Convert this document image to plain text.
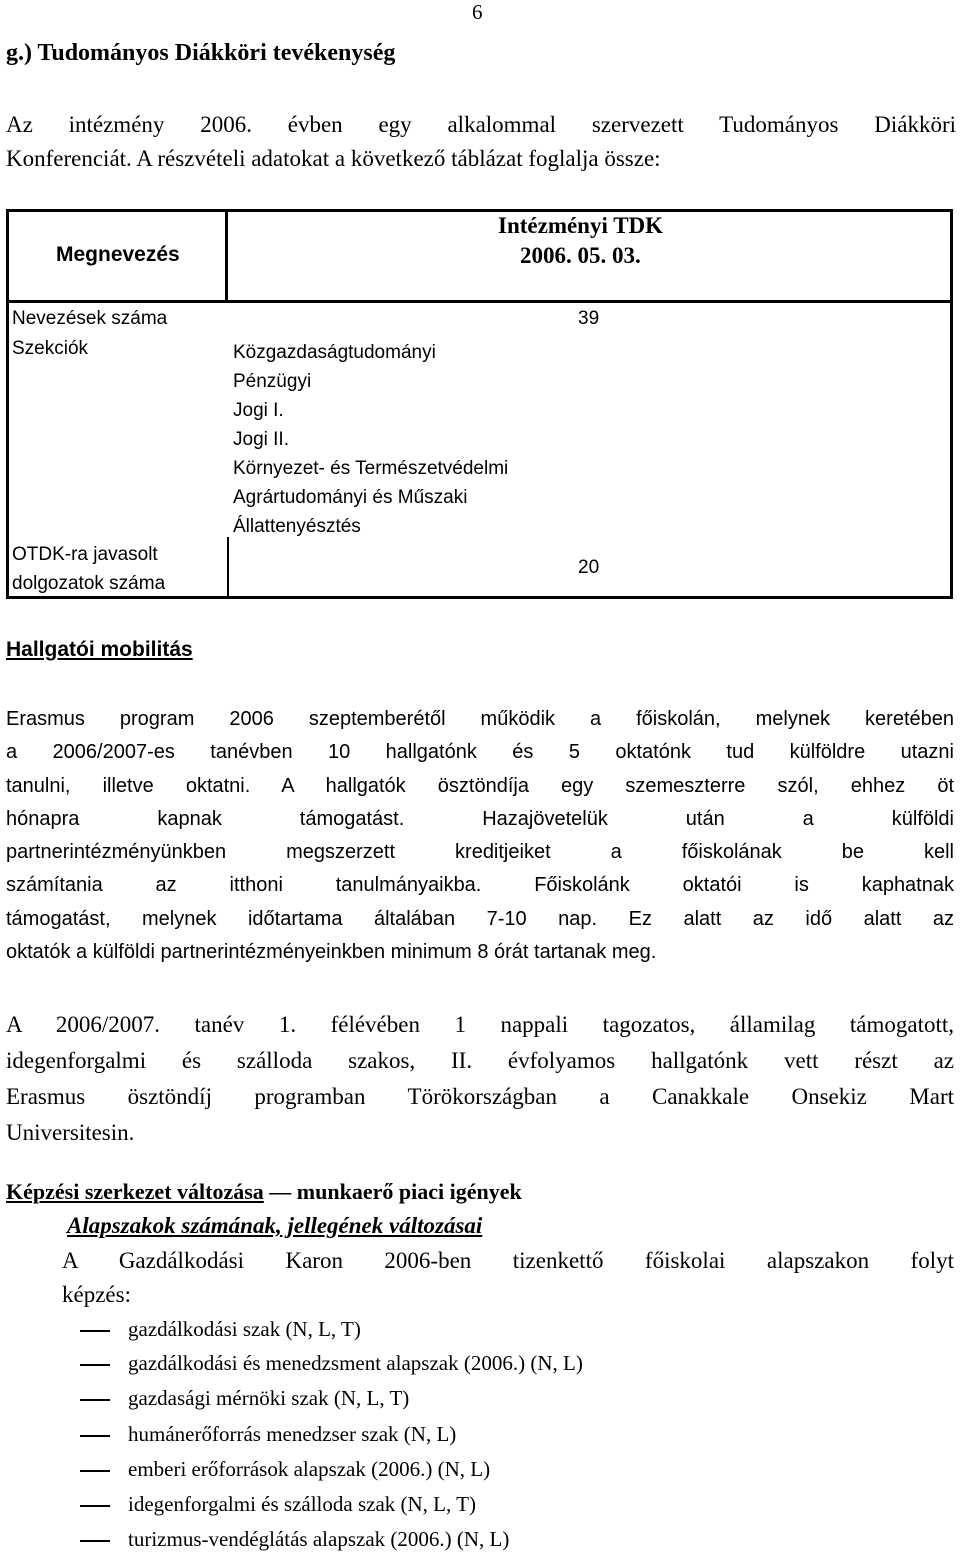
6
g.) Tudományos Diákköri tevékenység
Az intézmény 2006. évben egy alkalommal szervezett Tudományos Diákköri
Konferenciát. A részvételi adatokat a következő táblázat foglalja össze:
Megnevezés
Intézményi TDK
2006. 05. 03.
Nevezések száma	39
Szekciók	Közgazdaságtudományi
Pénzügyi
Jogi I.
Jogi II.
Környezet- és Természetvédelmi
Agrártudományi és Műszaki
Állattenyésztés
OTDK-ra javasolt
dolgozatok száma
20
Hallgatói mobilitás
Erasmus program 2006 szeptemberétől működik a főiskolán, melynek keretében
a 2006/2007-es tanévben 10 hallgatónk és 5 oktatónk tud külföldre utazni
tanulni, illetve oktatni. A hallgatók ösztöndíja egy szemeszterre szól, ehhez öt
hónapra kapnak támogatást. Hazajövetelük után a külföldi
partnerintézményünkben megszerzett kreditjeiket a főiskolának be kell
számítania az itthoni tanulmányaikba. Főiskolánk oktatói is kaphatnak
támogatást, melynek időtartama általában 7-10 nap. Ez alatt az idő alatt az
oktatók a külföldi partnerintézményeinkben minimum 8 órát tartanak meg.
A 2006/2007. tanév 1. félévében 1 nappali tagozatos, államilag támogatott,
idegenforgalmi és szálloda szakos, II. évfolyamos hallgatónk vett részt az
Erasmus ösztöndíj programban Törökországban a Canakkale Onsekiz Mart
Universitesin.
Képzési szerkezet változása — munkaerő piaci igények
Alapszakok számának, jellegének változásai
A Gazdálkodási Karon 2006-ben tizenkettő főiskolai alapszakon folyt
képzés:
gazdálkodási szak (N, L, T)
gazdálkodási és menedzsment alapszak (2006.) (N, L)
gazdasági mérnöki szak (N, L, T)
humánerőforrás menedzser szak (N, L)
emberi erőforrások alapszak (2006.) (N, L)
idegenforgalmi és szálloda szak (N, L, T)
turizmus-vendéglátás alapszak (2006.) (N, L)
